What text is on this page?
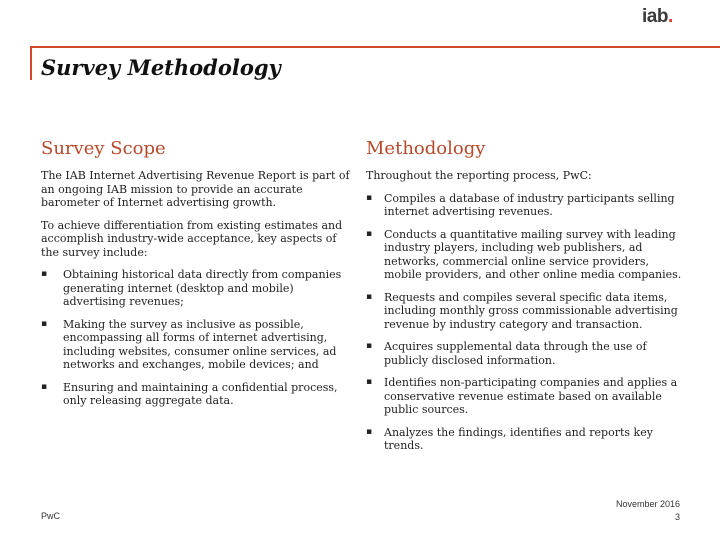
iab.
Survey Methodology
Survey Scope

The IAB Internet Advertising Revenue Report is part of an ongoing IAB mission to provide an accurate barometer of Internet advertising growth.

To achieve differentiation from existing estimates and accomplish industry-wide acceptance, key aspects of the survey include:

▪ Obtaining historical data directly from companies generating internet (desktop and mobile) advertising revenues;
▪ Making the survey as inclusive as possible, encompassing all forms of internet advertising, including websites, consumer online services, ad networks and exchanges, mobile devices; and
▪ Ensuring and maintaining a confidential process, only releasing aggregate data.
Methodology

Throughout the reporting process, PwC:

▪ Compiles a database of industry participants selling internet advertising revenues.
▪ Conducts a quantitative mailing survey with leading industry players, including web publishers, ad networks, commercial online service providers, mobile providers, and other online media companies.
▪ Requests and compiles several specific data items, including monthly gross commissionable advertising revenue by industry category and transaction.
▪ Acquires supplemental data through the use of publicly disclosed information.
▪ Identifies non-participating companies and applies a conservative revenue estimate based on available public sources.
▪ Analyzes the findings, identifies and reports key trends.
PwC
November 2016
3
